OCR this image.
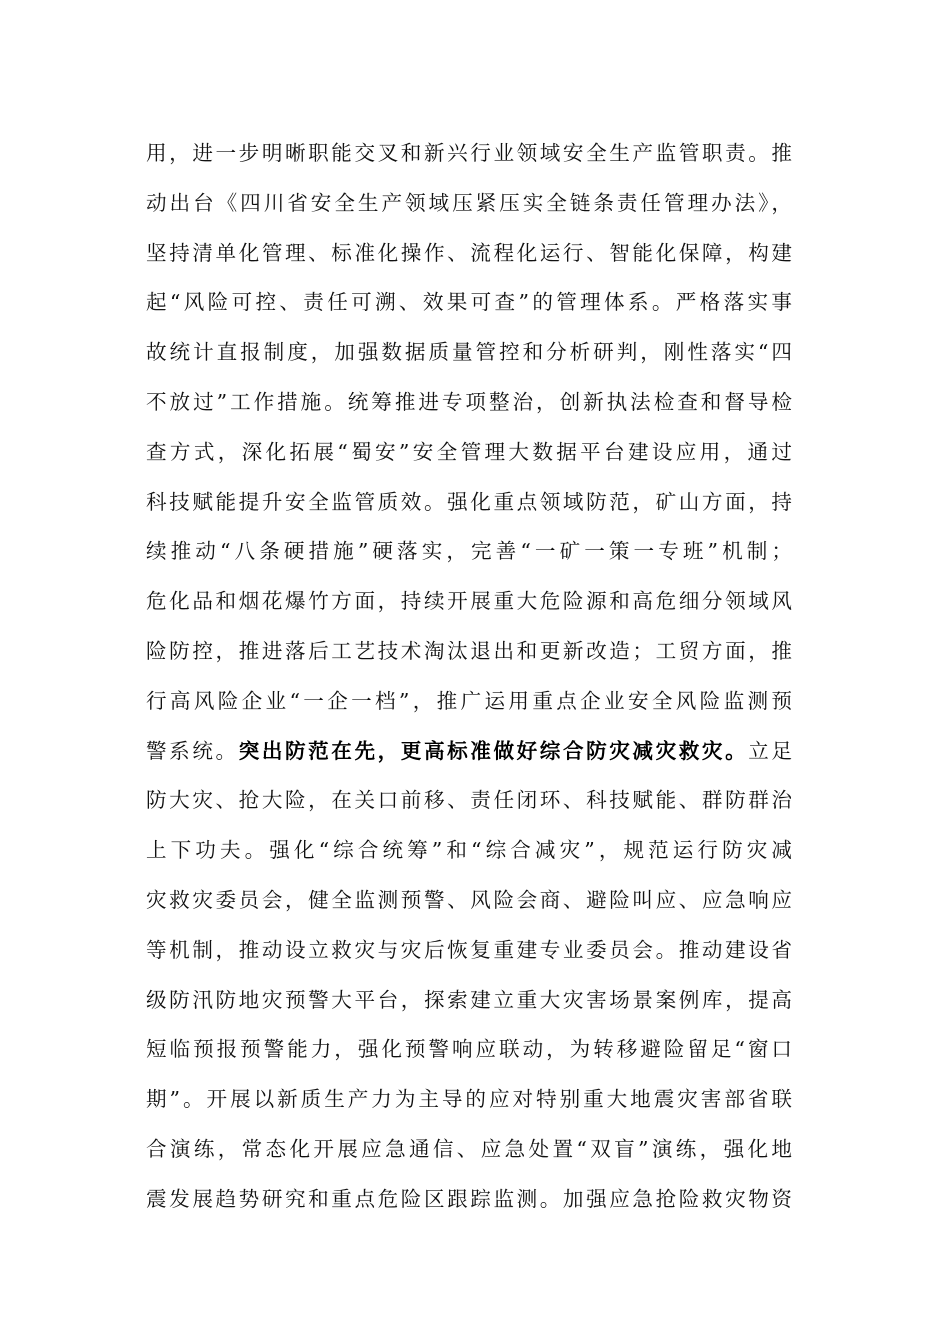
用，进一步明晰职能交叉和新兴行业领域安全生产监管职责。推
动出台《四川省安全生产领域压紧压实全链条责任管理办法》，
坚持清单化管理、标准化操作、流程化运行、智能化保障，构建
起“风险可控、责任可溯、效果可查”的管理体系。严格落实事
故统计直报制度，加强数据质量管控和分析研判，刚性落实“四
不放过”工作措施。统筹推进专项整治，创新执法检查和督导检
查方式，深化拓展“蜀安”安全管理大数据平台建设应用，通过
科技赋能提升安全监管质效。强化重点领域防范，矿山方面，持
续推动“八条硬措施”硬落实，完善“一矿一策一专班”机制；
危化品和烟花爆竹方面，持续开展重大危险源和高危细分领域风
险防控，推进落后工艺技术淘汰退出和更新改造；工贸方面，推
行高风险企业“一企一档”，推广运用重点企业安全风险监测预
警系统。突出防范在先，更高标准做好综合防灾减灾救灾。立足
防大灾、抢大险，在关口前移、责任闭环、科技赋能、群防群治
上下功夫。强化“综合统筹”和“综合减灾”，规范运行防灾减
灾救灾委员会，健全监测预警、风险会商、避险叫应、应急响应
等机制，推动设立救灾与灾后恢复重建专业委员会。推动建设省
级防汛防地灾预警大平台，探索建立重大灾害场景案例库，提高
短临预报预警能力，强化预警响应联动，为转移避险留足“窗口
期”。开展以新质生产力为主导的应对特别重大地震灾害部省联
合演练，常态化开展应急通信、应急处置“双盲”演练，强化地
震发展趋势研究和重点危险区跟踪监测。加强应急抢险救灾物资
